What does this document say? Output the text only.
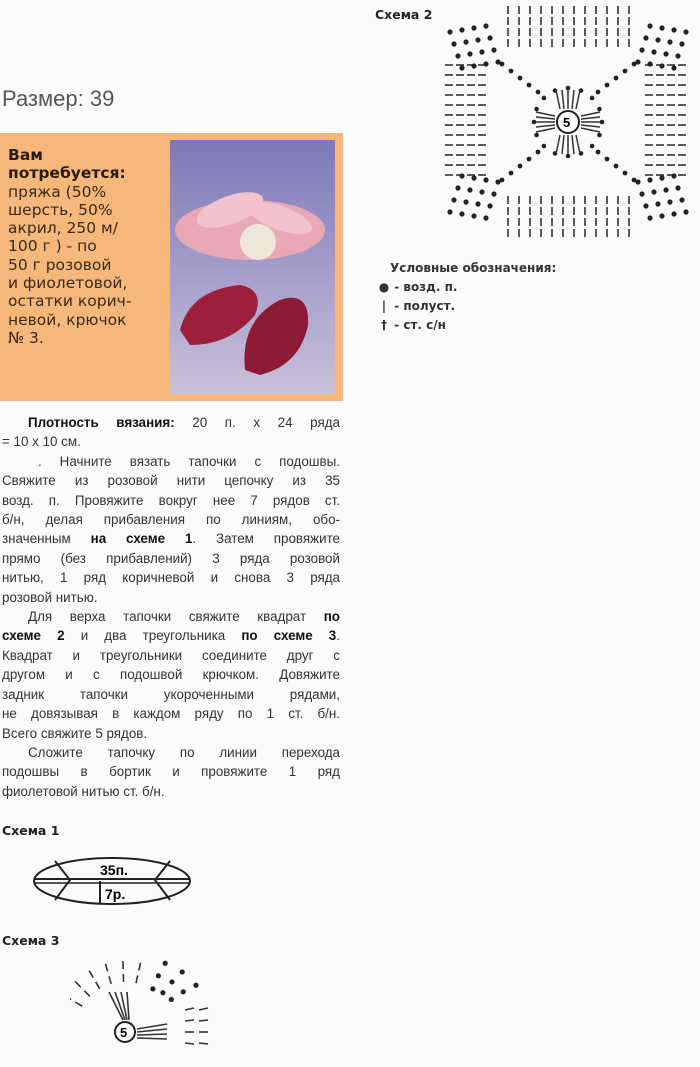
Размер: 39
Вам
потребуется:
пряжа (50%
шерсть, 50%
акрил, 250 м/
100 г ) - по
50 г розовой
и фиолетовой,
остатки корич-
невой, крючок
№ 3.
Плотность вязания: 20 п. х 24 ряда
= 10 х 10 см.
. Начните вязать тапочки с подошвы.
Свяжите из розовой нити цепочку из 35
возд. п. Провяжите вокруг нее 7 рядов ст.
б/н, делая прибавления по линиям, обо-
значенным на схеме 1. Затем провяжите
прямо (без прибавлений) 3 ряда розовой
нитью, 1 ряд коричневой и снова 3 ряда
розовой нитью.
Для верха тапочки свяжите квадрат по
схеме 2 и два треугольника по схеме 3.
Квадрат и треугольники соедините друг с
другом и с подошвой крючком. Довяжите
задник тапочки укороченными рядами,
не довязывая в каждом ряду по 1 ст. б/н.
Всего свяжите 5 рядов.
Сложите тапочку по линии перехода
подошвы в бортик и провяжите 1 ряд
фиолетовой нитью ст. б/н.
Схема 1
35п.
7р.
Схема 3
5
Схема 2
5
Условные обозначения:
● - возд. п.
| - полуст.
† - ст. с/н
